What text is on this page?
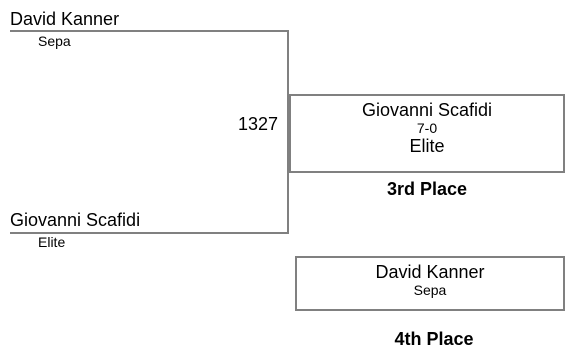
David Kanner
Sepa
Giovanni Scafidi
Elite
1327
Giovanni Scafidi
7-0
Elite
3rd Place
David Kanner
Sepa
4th Place
